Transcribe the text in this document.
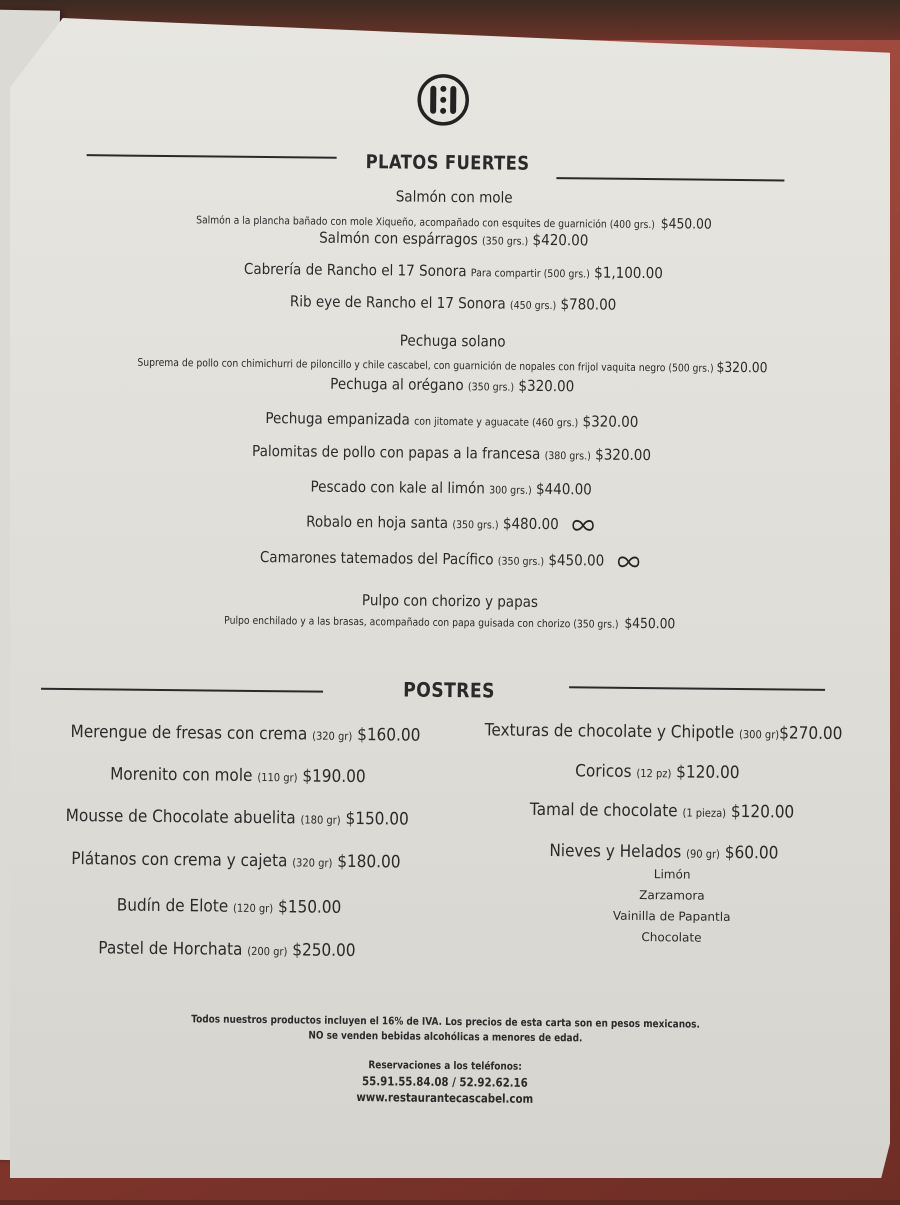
PLATOS FUERTES
Salmón con mole
Salmón a la plancha bañado con mole Xiqueño, acompañado con esquites de guarnición (400 grs.) $450.00
Salmón con espárragos (350 grs.) $420.00
Cabrería de Rancho el 17 Sonora Para compartir (500 grs.) $1,100.00
Rib eye de Rancho el 17 Sonora (450 grs.) $780.00
Pechuga solano
Suprema de pollo con chimichurri de piloncillo y chile cascabel, con guarnición de nopales con frijol vaquita negro (500 grs.) $320.00
Pechuga al orégano (350 grs.) $320.00
Pechuga empanizada con jitomate y aguacate (460 grs.) $320.00
Palomitas de pollo con papas a la francesa (380 grs.) $320.00
Pescado con kale al limón 300 grs.) $440.00
Robalo en hoja santa (350 grs.) $480.00
Camarones tatemados del Pacífico (350 grs.) $450.00
Pulpo con chorizo y papas
Pulpo enchilado y a las brasas, acompañado con papa guisada con chorizo (350 grs.) $450.00
POSTRES
Merengue de fresas con crema (320 gr) $160.00
Morenito con mole (110 gr) $190.00
Mousse de Chocolate abuelita (180 gr) $150.00
Plátanos con crema y cajeta (320 gr) $180.00
Budín de Elote (120 gr) $150.00
Pastel de Horchata (200 gr) $250.00
Texturas de chocolate y Chipotle (300 gr)$270.00
Coricos (12 pz) $120.00
Tamal de chocolate (1 pieza) $120.00
Nieves y Helados (90 gr) $60.00
Limón
Zarzamora
Vainilla de Papantla
Chocolate
Todos nuestros productos incluyen el 16% de IVA. Los precios de esta carta son en pesos mexicanos.
NO se venden bebidas alcohólicas a menores de edad.
Reservaciones a los teléfonos:
55.91.55.84.08 / 52.92.62.16
www.restaurantecascabel.com
